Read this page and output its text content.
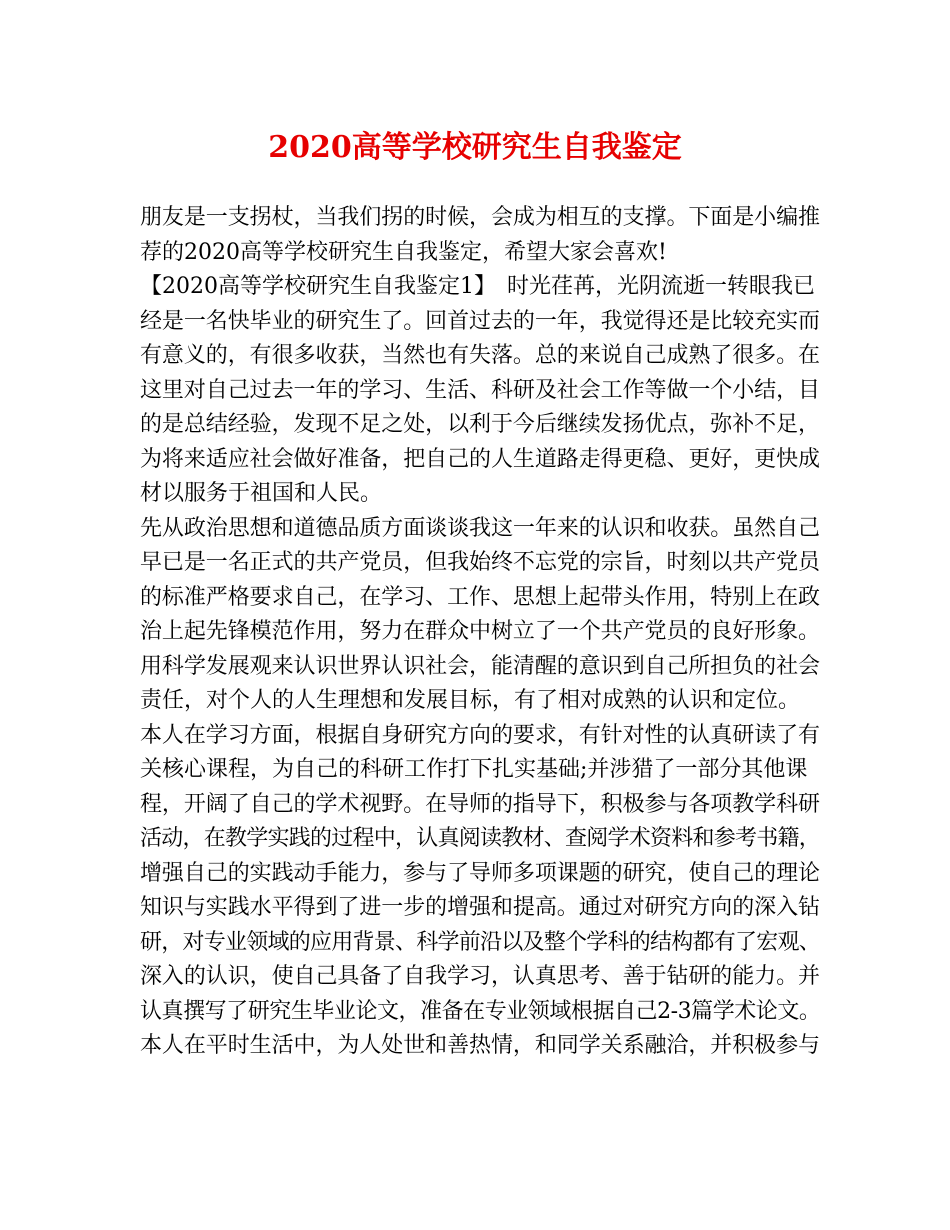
2020高等学校研究生自我鉴定
朋友是一支拐杖，当我们拐的时候，会成为相互的支撑。下面是小编推
荐的2020高等学校研究生自我鉴定，希望大家会喜欢!
【2020高等学校研究生自我鉴定1】　时光荏苒，光阴流逝一转眼我已
经是一名快毕业的研究生了。回首过去的一年，我觉得还是比较充实而
有意义的，有很多收获，当然也有失落。总的来说自己成熟了很多。在
这里对自己过去一年的学习、生活、科研及社会工作等做一个小结，目
的是总结经验，发现不足之处，以利于今后继续发扬优点，弥补不足，
为将来适应社会做好准备，把自己的人生道路走得更稳、更好，更快成
材以服务于祖国和人民。
先从政治思想和道德品质方面谈谈我这一年来的认识和收获。虽然自己
早已是一名正式的共产党员，但我始终不忘党的宗旨，时刻以共产党员
的标准严格要求自己，在学习、工作、思想上起带头作用，特别上在政
治上起先锋模范作用，努力在群众中树立了一个共产党员的良好形象。
用科学发展观来认识世界认识社会，能清醒的意识到自己所担负的社会
责任，对个人的人生理想和发展目标，有了相对成熟的认识和定位。
本人在学习方面，根据自身研究方向的要求，有针对性的认真研读了有
关核心课程，为自己的科研工作打下扎实基础;并涉猎了一部分其他课
程，开阔了自己的学术视野。在导师的指导下，积极参与各项教学科研
活动，在教学实践的过程中，认真阅读教材、查阅学术资料和参考书籍，
增强自己的实践动手能力，参与了导师多项课题的研究，使自己的理论
知识与实践水平得到了进一步的增强和提高。通过对研究方向的深入钻
研，对专业领域的应用背景、科学前沿以及整个学科的结构都有了宏观、
深入的认识，使自己具备了自我学习，认真思考、善于钻研的能力。并
认真撰写了研究生毕业论文，准备在专业领域根据自己2-3篇学术论文。
本人在平时生活中，为人处世和善热情，和同学关系融洽，并积极参与
